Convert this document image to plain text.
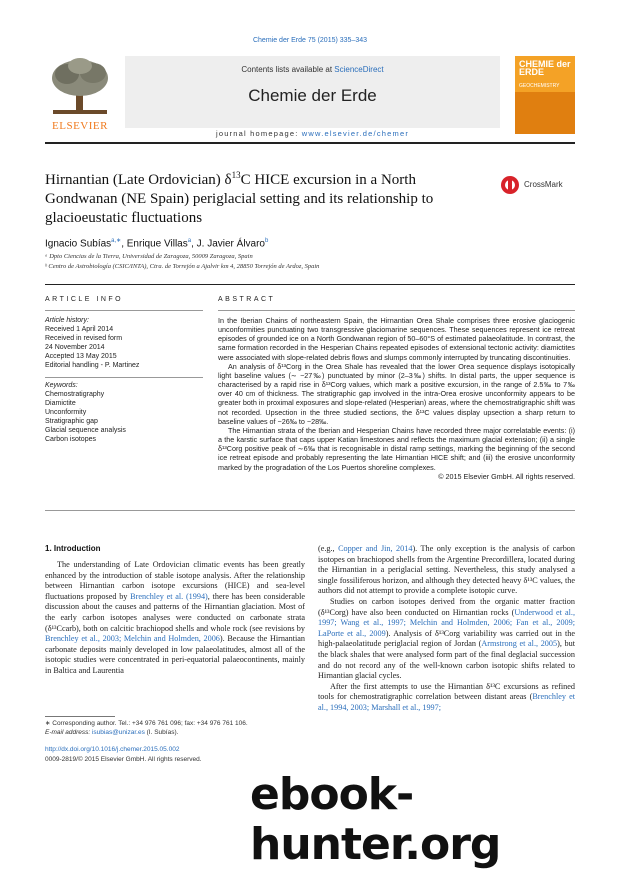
Chemie der Erde 75 (2015) 335–343
ELSEVIER
Contents lists available at ScienceDirect
Chemie der Erde
journal homepage: www.elsevier.de/chemer
CHEMIE der ERDE
GEOCHEMISTRY
Hirnantian (Late Ordovician) $\delta^{13}C$ HICE excursion in a North Gondwanan (NE Spain) periglacial setting and its relationship to glacioeustatic fluctuations
CrossMark
Ignacio Subías$^{a,∗}$, Enrique Villas$^a$, J. Javier Álvaro$^b$
ᵃ Dpto Ciencias de la Tierra, Universidad de Zaragoza, 50009 Zaragoza, Spain
ᵇ Centro de Astrobiología (CSIC/INTA), Ctra. de Torrejón a Ajalvir km 4, 28850 Torrejón de Ardoz, Spain
ARTICLE INFO	ABSTRACT
Article history:
Received 1 April 2014
Received in revised form
24 November 2014
Accepted 13 May 2015
Editorial handling - P. Martinez
Keywords:
Chemostratigraphy
Diamictite
Unconformity
Stratigraphic gap
Glacial sequence analysis
Carbon isotopes

In the Iberian Chains of northeastern Spain, the Hirnantian Orea Shale comprises three erosive glaciogenic unconformities punctuating two transgressive glaciomarine sequences. These sequences represent ice retreat episodes of grounded ice on a North Gondwanan region of 50–60°S of estimated palaeolatitude. In contrast, the same formation recorded in the Hesperian Chains repeated episodes of extensional tectonic activity: diamictites were associated with slope-related debris flows and slumps commonly interrupted by truncating discontinuities.

An analysis of δ¹³Corg in the Orea Shale has revealed that the lower Orea sequence displays isotopically light baseline values (∼ −27‰) punctuated by minor (2–3‰) shifts. In distal parts, the upper sequence is characterised by a rapid rise in δ¹³Corg values, which mark a positive excursion, in the range of 2.5‰ to 7‰ over 40 cm of thickness. The stratigraphic gap involved in the intra-Orea erosive unconformity appears to be greater both in proximal exposures and slope-related (Hesperian) areas, where the chemostratigraphic shift was not recorded. Upsection in the three studied sections, the δ¹³C values display upsection a sharp return to baseline values of −26‰ to −28‰.

The Hirnantian strata of the Iberian and Hesperian Chains have recorded three major correlatable events: (i) a the karstic surface that caps upper Katian limestones and reflects the maximum glacial extension; (ii) a single δ¹³Corg positive peak of ∼6‰ that is recognisable in distal ramp settings, marking the beginning of the second ice retreat episode and probably representing the late Hirnantian HICE shift; and (iii) the erosive unconformity marked by the progradation of the Los Puertos shoreline complexes.

© 2015 Elsevier GmbH. All rights reserved.

1. Introduction

The understanding of Late Ordovician climatic events has been greatly enhanced by the introduction of stable isotope analysis. After the relationship between Hirnantian carbon isotope excursions (HICE) and sea-level fluctuations proposed by Brenchley et al. (1994), there has been considerable discussion about the causes and patterns of the Hirnantian glaciation. Most of the early carbon isotopes analyses were conducted on carbonate strata (δ¹³Ccarb), both on calcitic brachiopod shells and whole rock (see revisions by Brenchley et al., 2003; Melchin and Holmden, 2006). Because the Hirnantian carbonate deposits mainly developed in low palaeolatitudes, almost all of the isotopic studies were concentrated in peri-equatorial palaeocontinents, mainly in Baltica and Laurentia

(e.g., Copper and Jin, 2014). The only exception is the analysis of carbon isotopes on brachiopod shells from the Argentine Precordillera, located during the Hirnantian in a periglacial setting. Nevertheless, this study analysed a single fossiliferous horizon, and although they detected heavy δ¹³C values, the authors did not attempt to provide a complete isotopic curve.

Studies on carbon isotopes derived from the organic matter fraction (δ¹³Corg) have also been conducted on Hirnantian rocks (Underwood et al., 1997; Wang et al., 1997; Melchin and Holmden, 2006; Fan et al., 2009; LaPorte et al., 2009). Analysis of δ¹³Corg variability was carried out in the high-palaeolatitude periglacial region of Jordan (Armstrong et al., 2005), but the black shales that were analysed form part of the final deglacial succession and do not record any of the well-known carbon isotopic shifts related to Hirnantian glacial cycles.

After the first attempts to use the Hirnantian δ¹³C excursions as refined tools for chemostratigraphic correlation between distant areas (Brenchley et al., 1994, 2003; Marshall et al., 1997;

∗ Corresponding author. Tel.: +34 976 761 096; fax: +34 976 761 106.
E-mail address: isubias@unizar.es (I. Subías).
http://dx.doi.org/10.1016/j.chemer.2015.05.002
0009-2819/© 2015 Elsevier GmbH. All rights reserved.
ebook-hunter.org
